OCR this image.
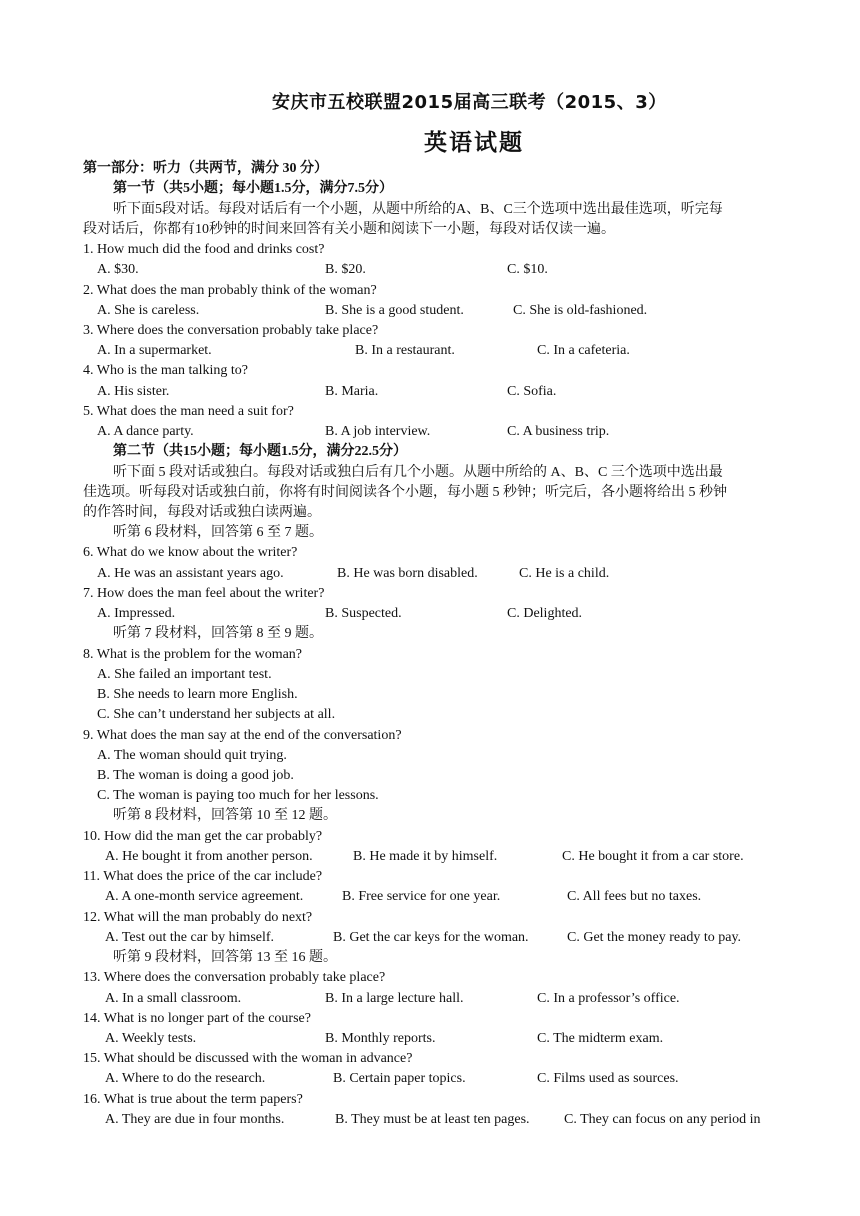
安庆市五校联盟2015届高三联考（2015、3）
英语试题
第一部分：听力（共两节，满分 30 分）
第一节（共5小题；每小题1.5分，满分7.5分）
听下面5段对话。每段对话后有一个小题，从题中所给的A、B、C三个选项中选出最佳选项，听完每
段对话后，你都有10秒钟的时间来回答有关小题和阅读下一小题，每段对话仅读一遍。
1. How much did the food and drinks cost?
A. $30.	B. $20.	C. $10.
2. What does the man probably think of the woman?
A. She is careless.	B. She is a good student.	C. She is old-fashioned.
3. Where does the conversation probably take place?
A. In a supermarket.	B. In a restaurant.	C. In a cafeteria.
4. Who is the man talking to?
A. His sister.	B. Maria.	C. Sofia.
5. What does the man need a suit for?
A. A dance party.	B. A job interview.	C. A business trip.
第二节（共15小题；每小题1.5分，满分22.5分）
听下面 5 段对话或独白。每段对话或独白后有几个小题。从题中所给的 A、B、C 三个选项中选出最
佳选项。听每段对话或独白前，你将有时间阅读各个小题，每小题 5 秒钟；听完后，各小题将给出 5 秒钟
的作答时间，每段对话或独白读两遍。
听第 6 段材料，回答第 6 至 7 题。
6. What do we know about the writer?
A. He was an assistant years ago.	B. He was born disabled.	C. He is a child.
7. How does the man feel about the writer?
A. Impressed.	B. Suspected.	C. Delighted.
听第 7 段材料，回答第 8 至 9 题。
8. What is the problem for the woman?
A. She failed an important test.
B. She needs to learn more English.
C. She can’t understand her subjects at all.
9. What does the man say at the end of the conversation?
A. The woman should quit trying.
B. The woman is doing a good job.
C. The woman is paying too much for her lessons.
听第 8 段材料，回答第 10 至 12 题。
10. How did the man get the car probably?
A. He bought it from another person.	B. He made it by himself.	C. He bought it from a car store.
11. What does the price of the car include?
A. A one-month service agreement.	B. Free service for one year.	C. All fees but no taxes.
12. What will the man probably do next?
A. Test out the car by himself.	B. Get the car keys for the woman.	C. Get the money ready to pay.
听第 9 段材料，回答第 13 至 16 题。
13. Where does the conversation probably take place?
A. In a small classroom.	B. In a large lecture hall.	C. In a professor’s office.
14. What is no longer part of the course?
A. Weekly tests.	B. Monthly reports.	C. The midterm exam.
15. What should be discussed with the woman in advance?
A. Where to do the research.	B. Certain paper topics.	C. Films used as sources.
16. What is true about the term papers?
A. They are due in four months.	B. They must be at least ten pages. C. They can focus on any period in
